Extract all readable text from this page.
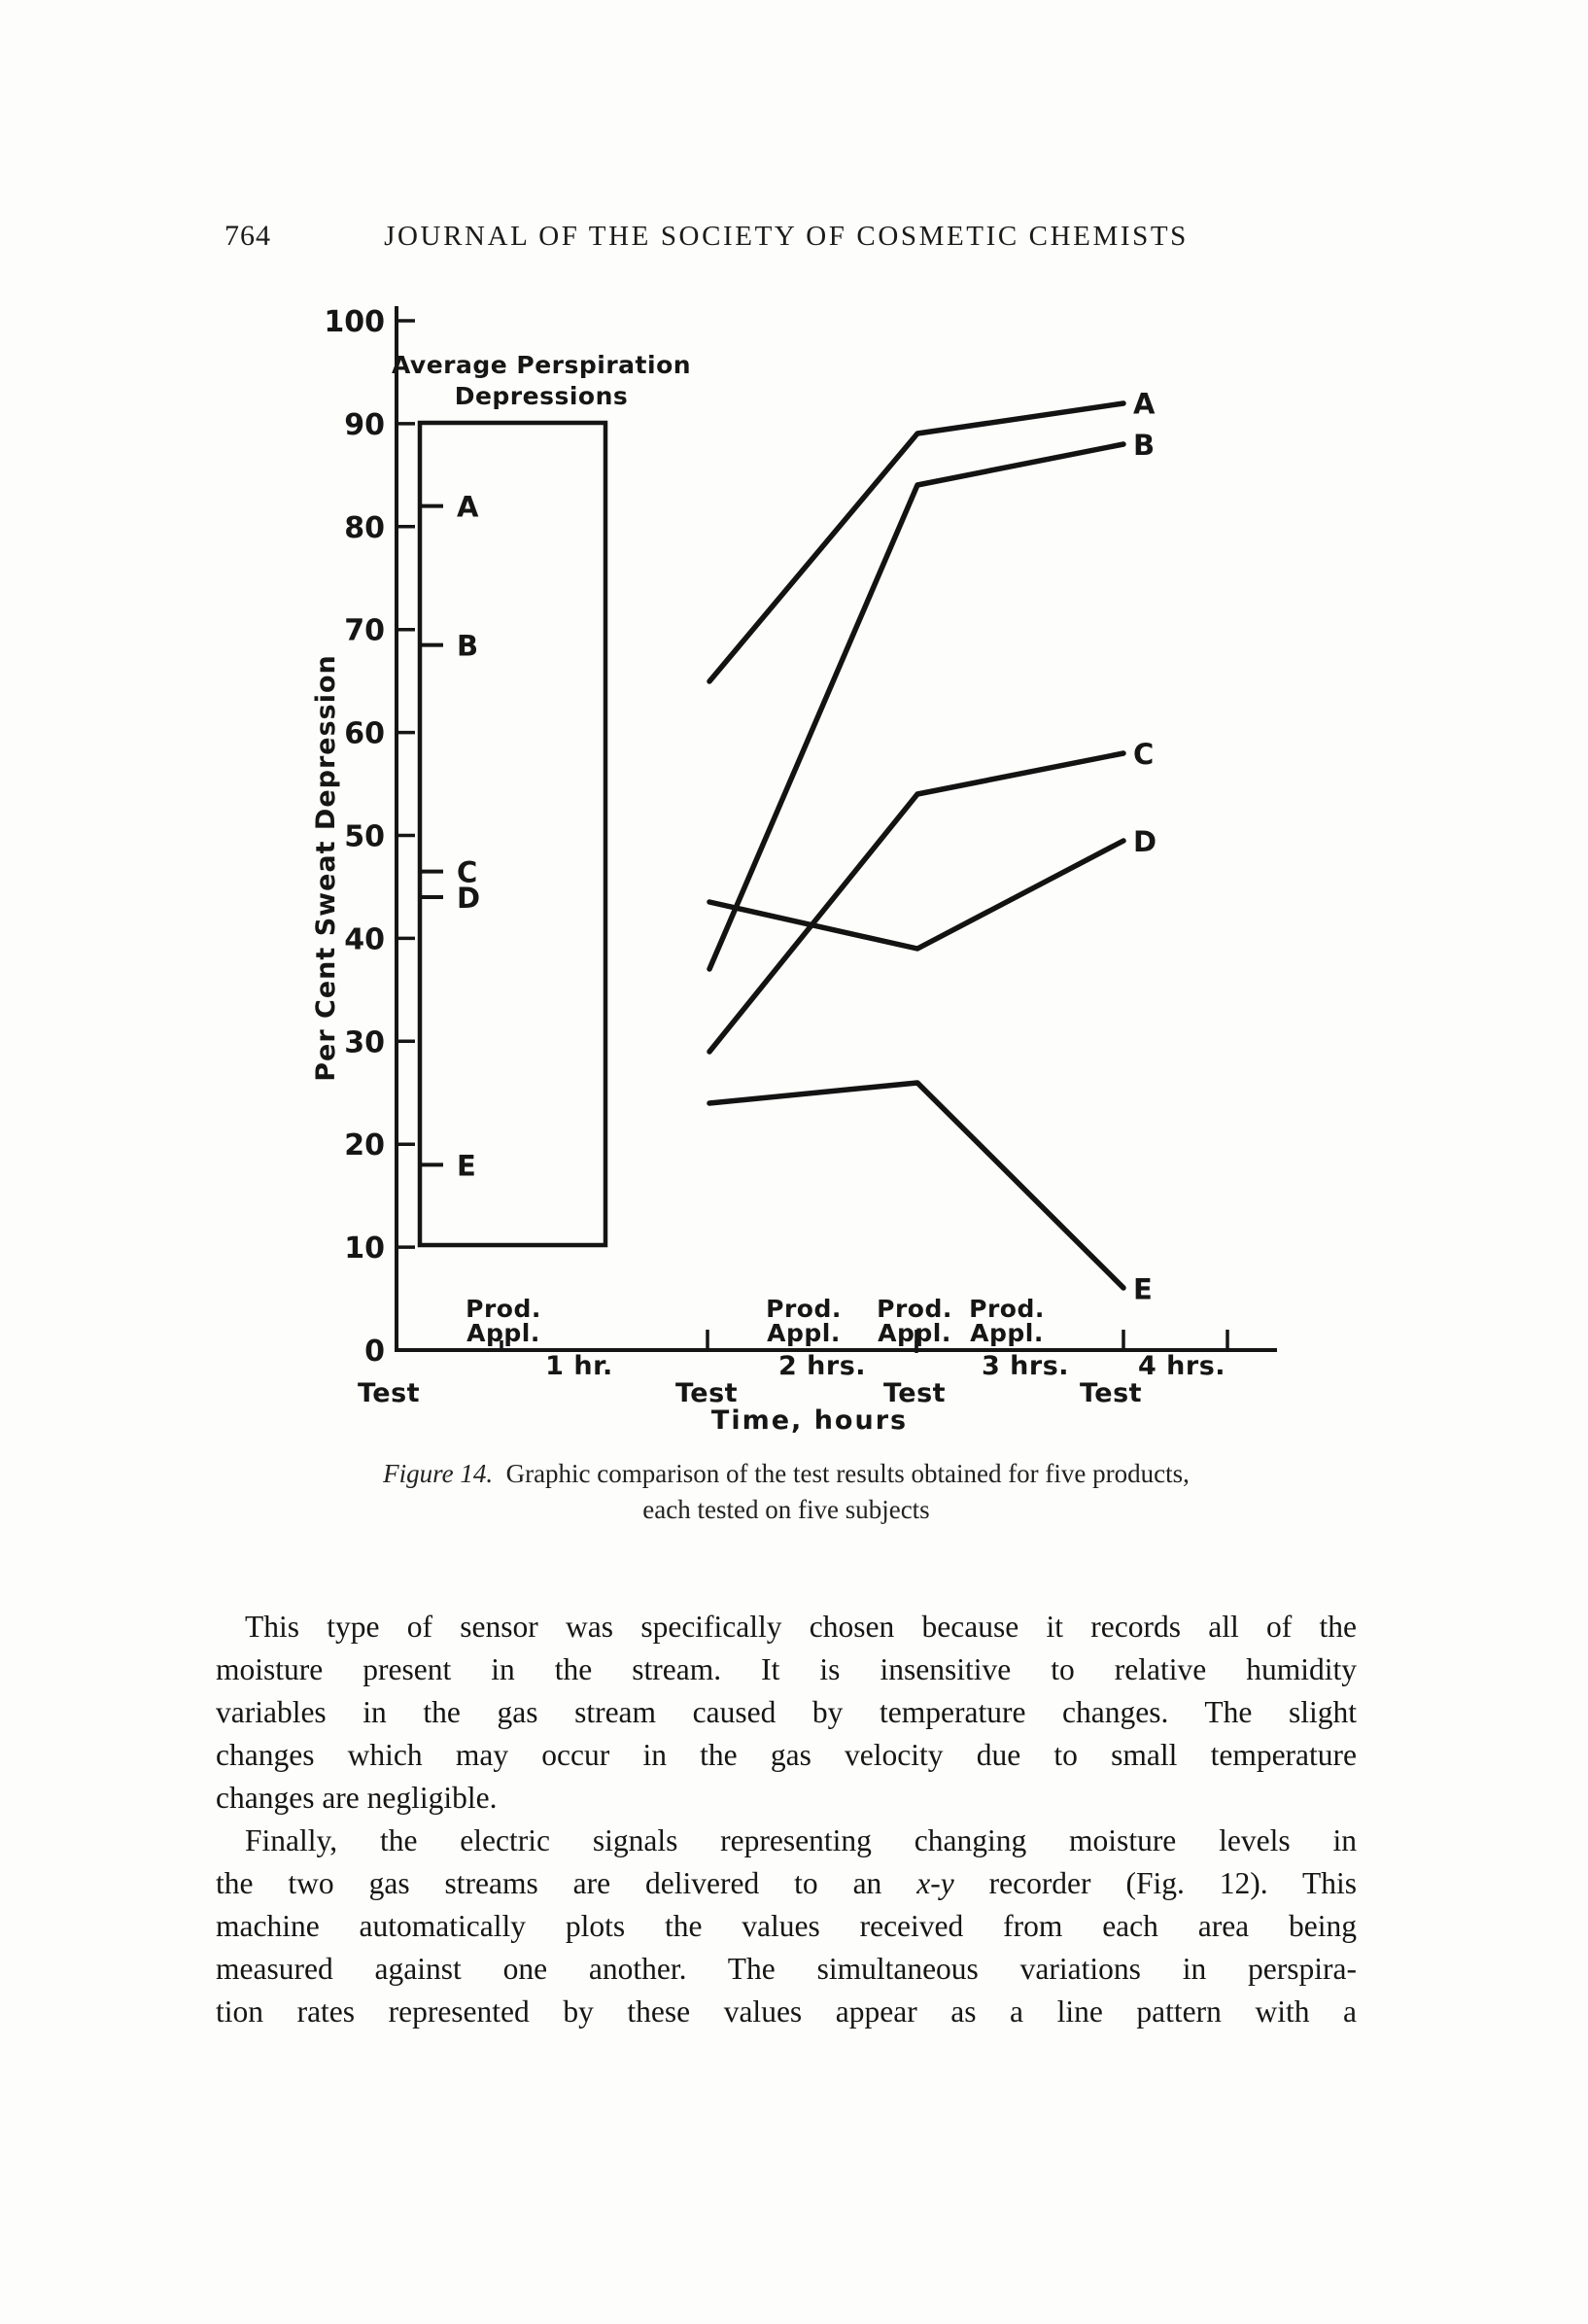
764	JOURNAL OF THE SOCIETY OF COSMETIC CHEMISTS
Average Perspiration
Depressions
Per Cent Sweat Depression
Time, hours
100
90
80
70
60
50
40
30
20
10
0
A
B
C
D
E
A
B
C
D
E
Prod.
Appl.
Prod.
Appl.
Prod.
Appl.
Prod.
Appl.
1 hr.	2 hrs.	3 hrs.	4 hrs.
Test	Test	Test	Test
Figure 14. Graphic comparison of the test results obtained for five products,
each tested on five subjects
This type of sensor was specifically chosen because it records all of the
moisture present in the stream. It is insensitive to relative humidity
variables in the gas stream caused by temperature changes. The slight
changes which may occur in the gas velocity due to small temperature
changes are negligible.
Finally, the electric signals representing changing moisture levels in
the two gas streams are delivered to an x-y recorder (Fig. 12). This
machine automatically plots the values received from each area being
measured against one another. The simultaneous variations in perspira-
tion rates represented by these values appear as a line pattern with a
